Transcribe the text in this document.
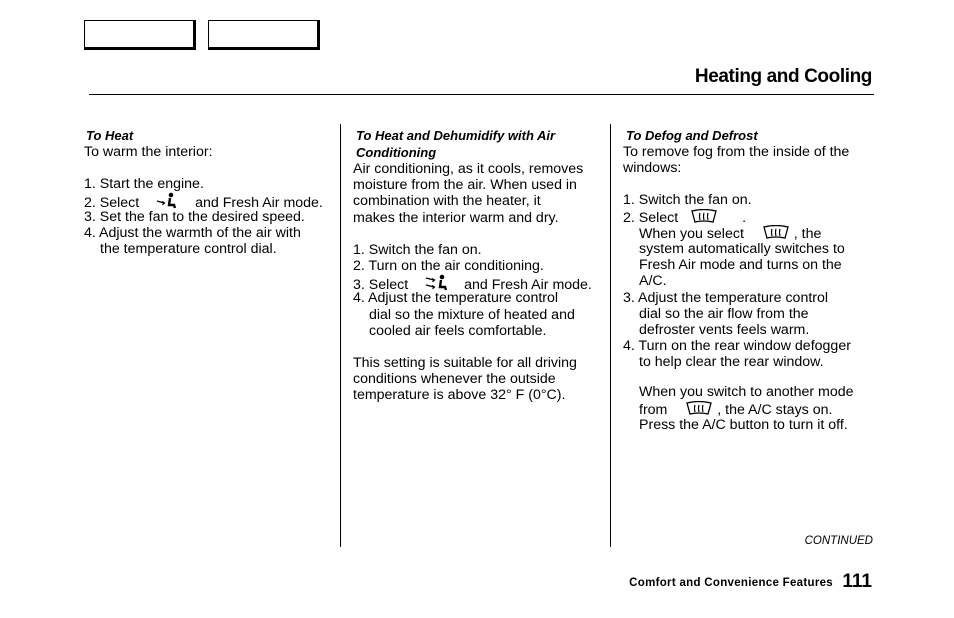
Heating and Cooling
To Heat
To warm the interior:
1. Start the engine.
2. Select	and Fresh Air mode.
3. Set the fan to the desired speed.
4. Adjust the warmth of the air with
the temperature control dial.
To Heat and Dehumidify with Air
Conditioning
Air conditioning, as it cools, removes
moisture from the air. When used in
combination with the heater, it
makes the interior warm and dry.
1. Switch the fan on.
2. Turn on the air conditioning.
3. Select	and Fresh Air mode.
4. Adjust the temperature control
dial so the mixture of heated and
cooled air feels comfortable.
This setting is suitable for all driving
conditions whenever the outside
temperature is above 32° F (0°C).
To Defog and Defrost
To remove fog from the inside of the
windows:
1. Switch the fan on.
2. Select	.
When you select	, the
system automatically switches to
Fresh Air mode and turns on the
A/C.
3. Adjust the temperature control
dial so the air flow from the
defroster vents feels warm.
4. Turn on the rear window defogger
to help clear the rear window.
When you switch to another mode
from	, the A/C stays on.
Press the A/C button to turn it off.
CONTINUED
Comfort and Convenience Features 111
